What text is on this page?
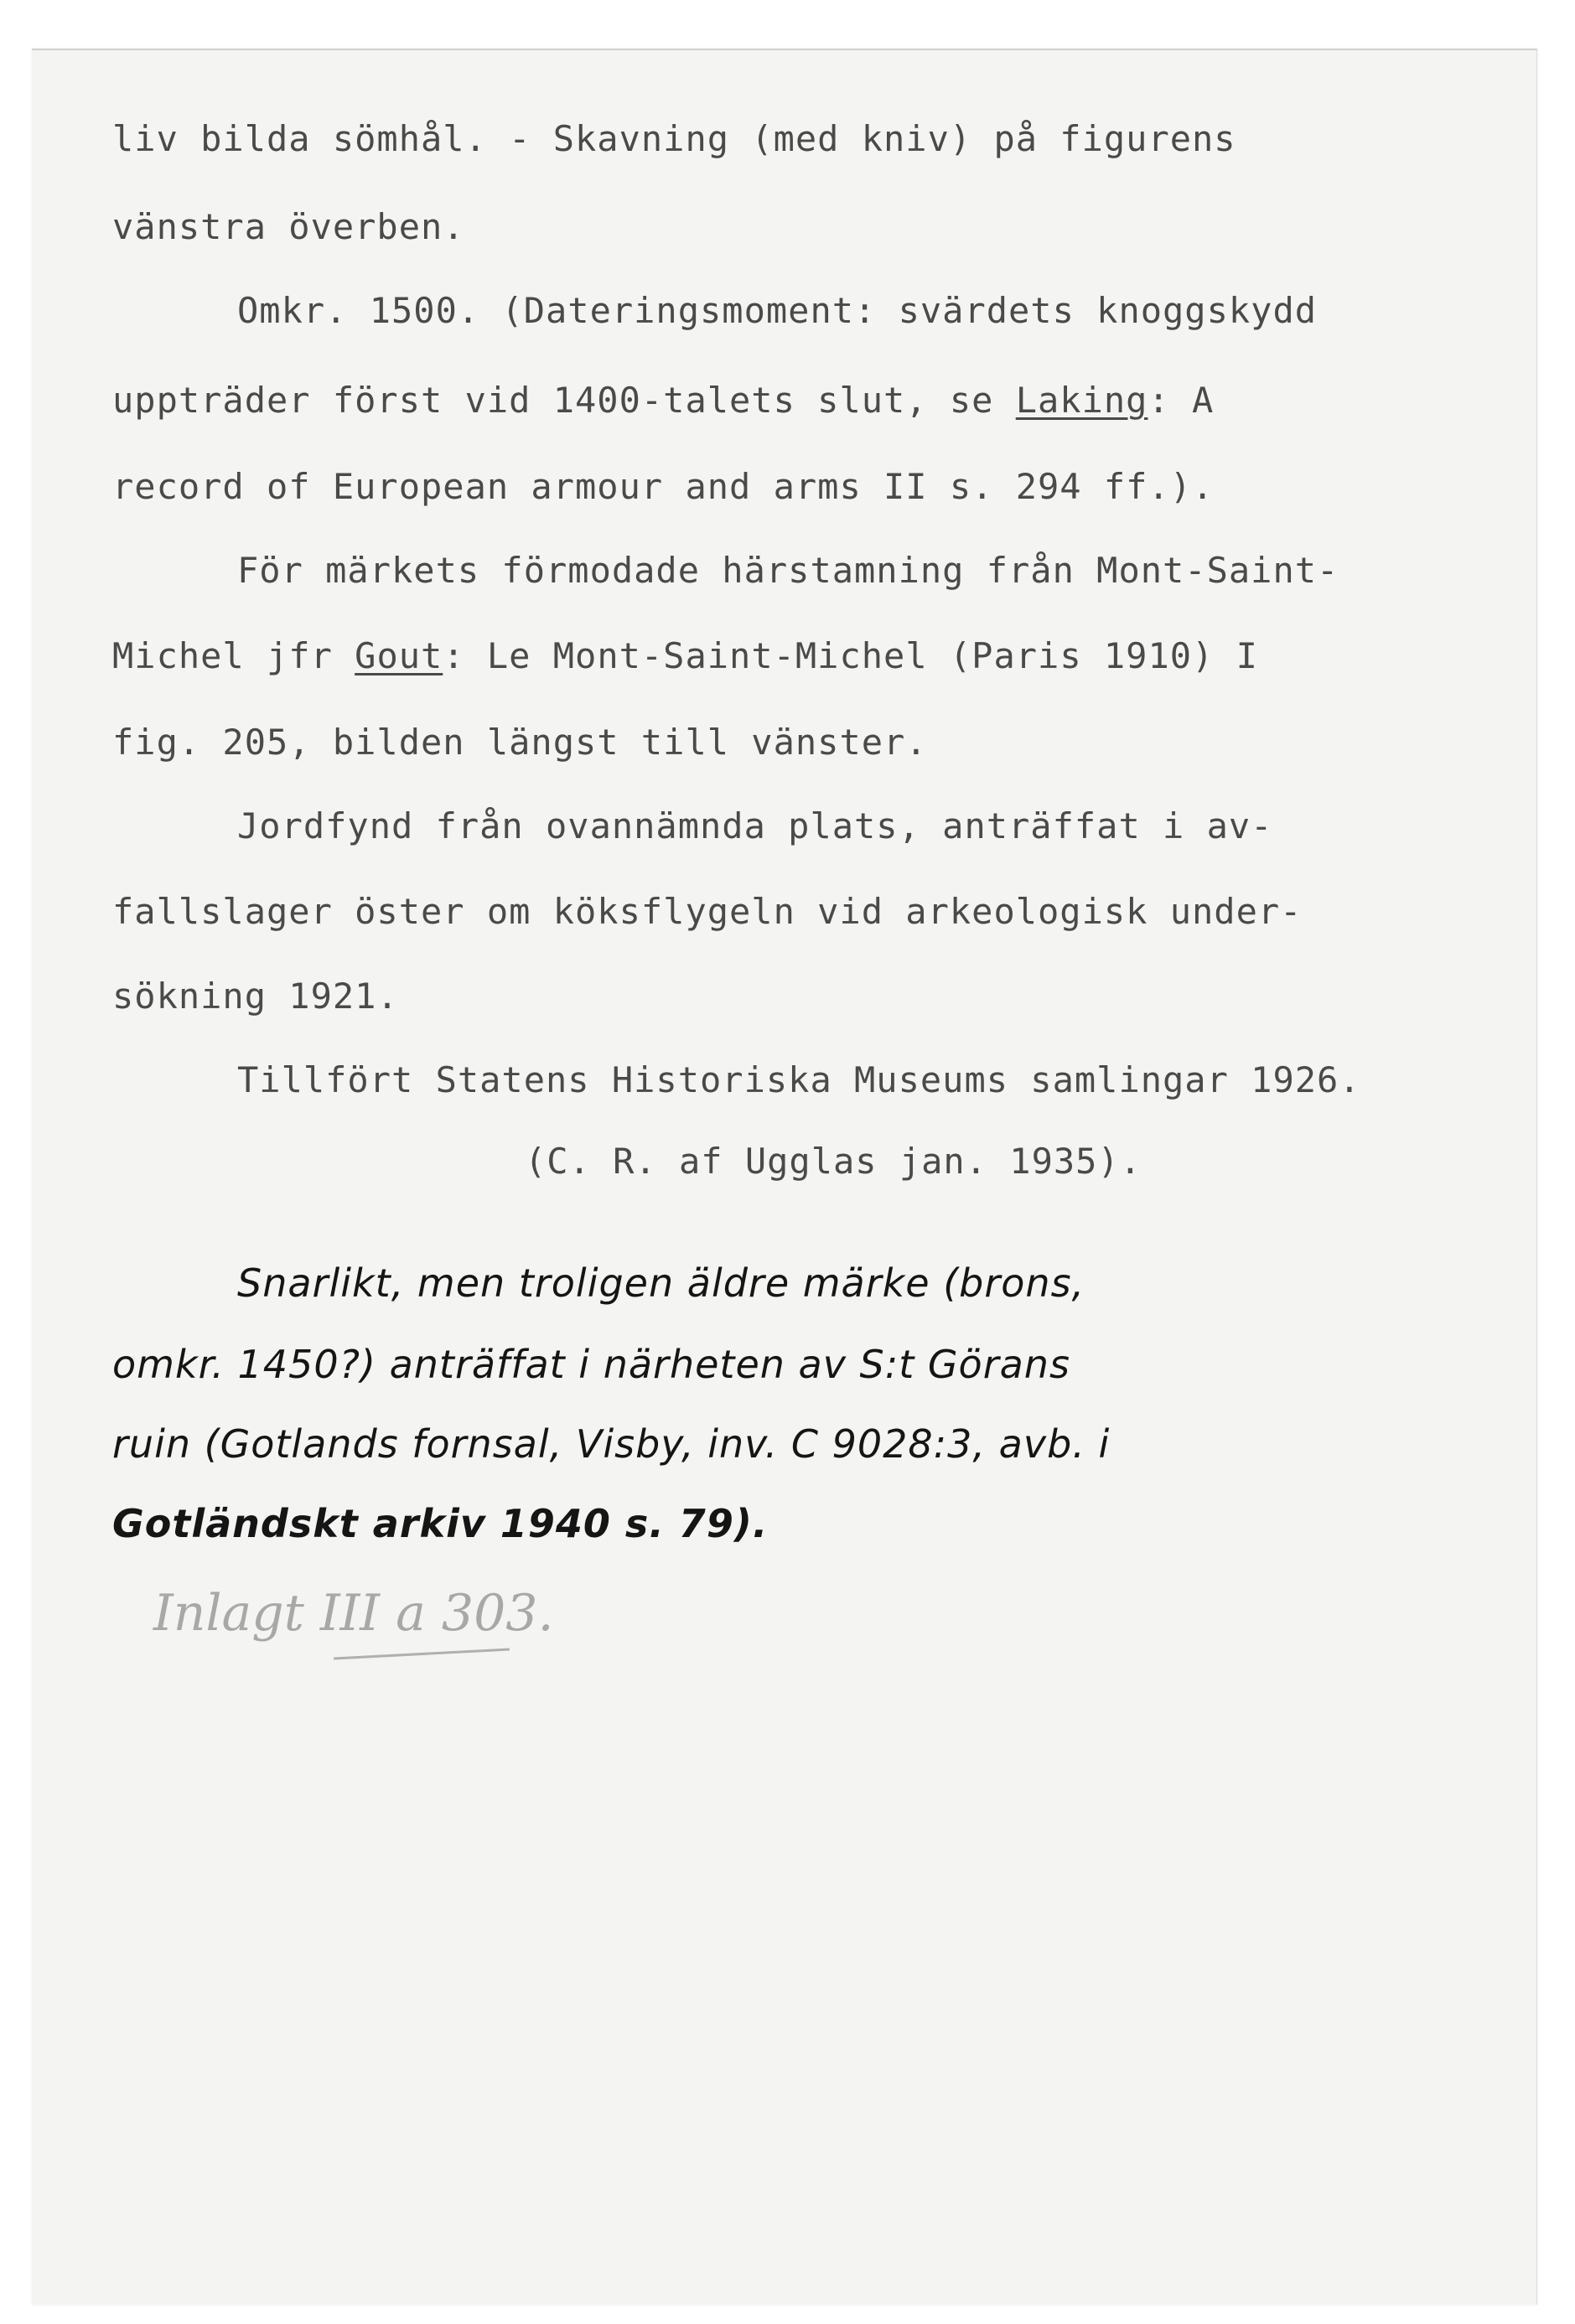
liv bilda sömhål. - Skavning (med kniv) på figurens
vänstra överben.
Omkr. 1500. (Dateringsmoment: svärdets knoggskydd
uppträder först vid 1400-talets slut, se Laking: A
record of European armour and arms II s. 294 ff.).
För märkets förmodade härstamning från Mont-Saint-
Michel jfr Gout: Le Mont-Saint-Michel (Paris 1910) I
fig. 205, bilden längst till vänster.
Jordfynd från ovannämnda plats, anträffat i av-
fallslager öster om köksflygeln vid arkeologisk under-
sökning 1921.
Tillfört Statens Historiska Museums samlingar 1926.
(C. R. af Ugglas jan. 1935).
Snarlikt, men troligen äldre märke (brons,
omkr. 1450?) anträffat i närheten av S:t Görans
ruin (Gotlands fornsal, Visby, inv. C 9028:3, avb. i
Gotländskt arkiv 1940 s. 79).
Inlagt III a 303.
